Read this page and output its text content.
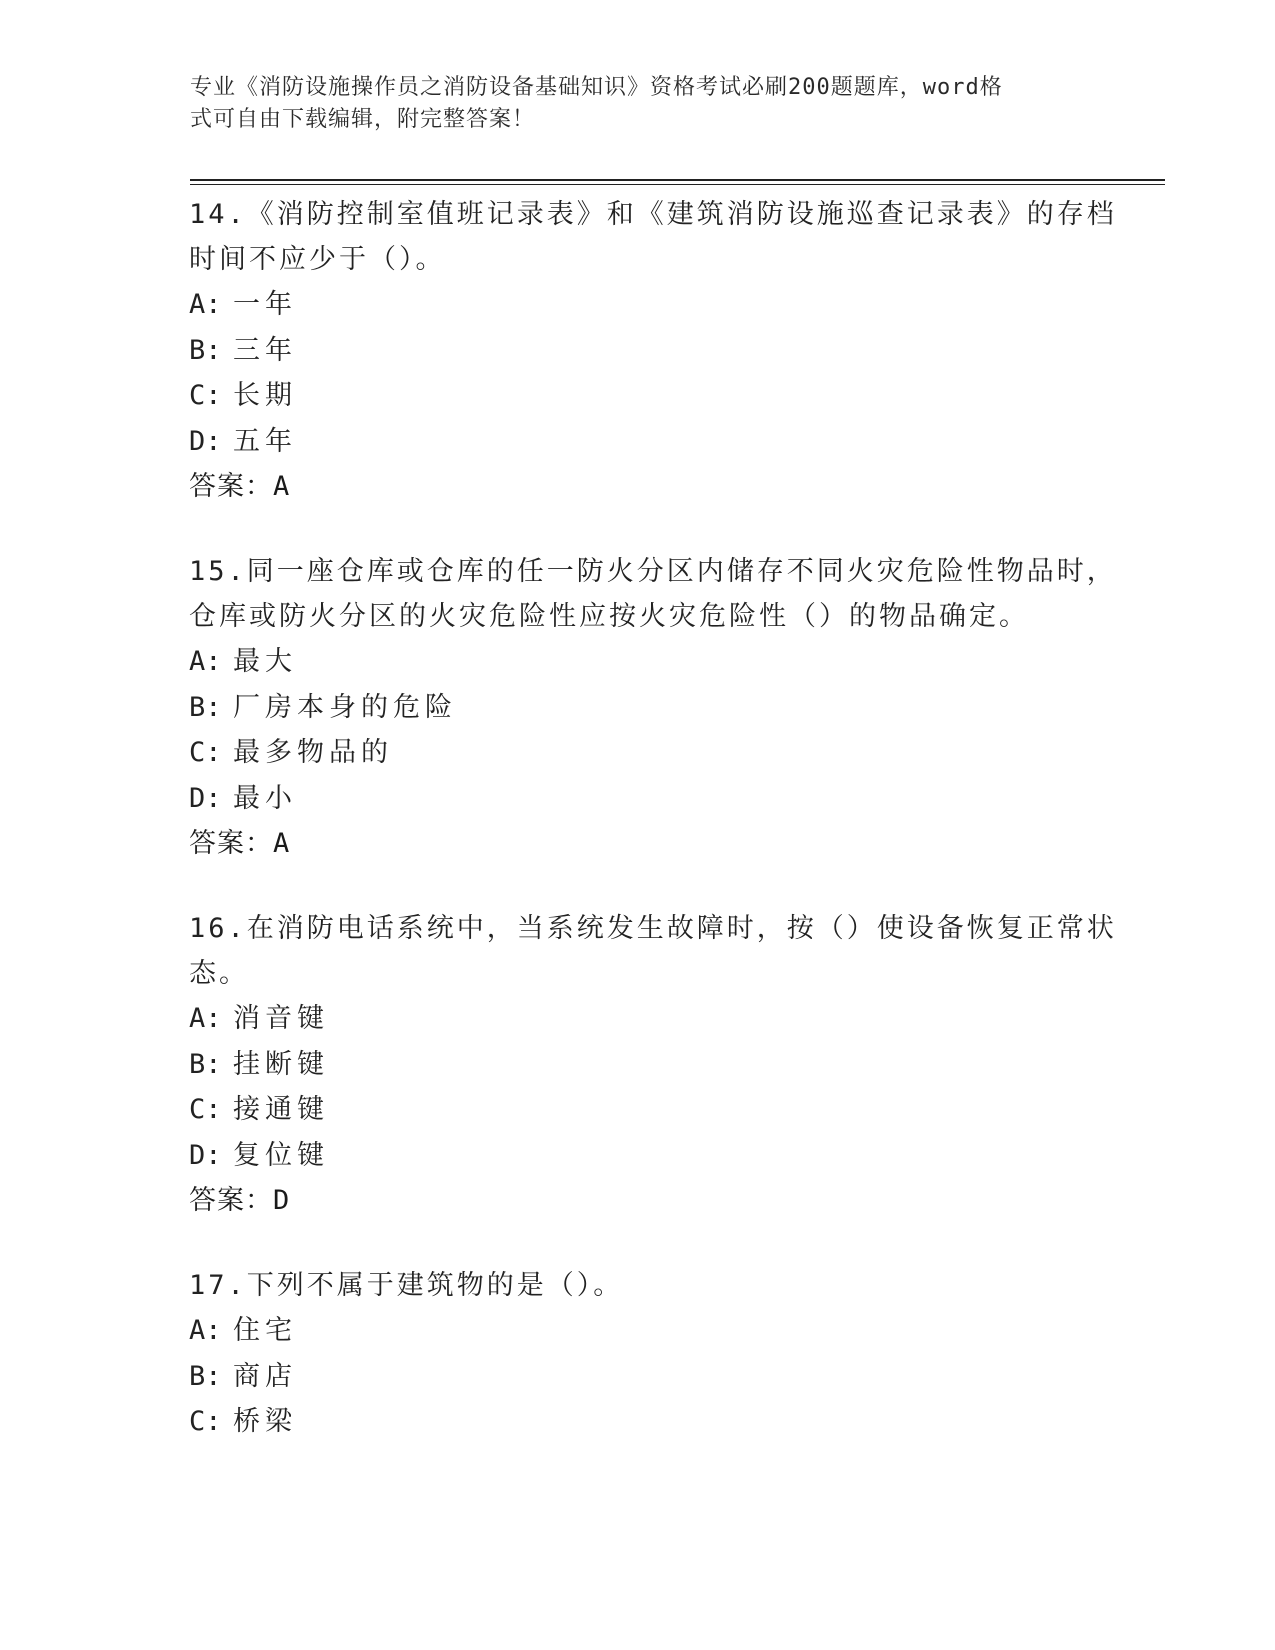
专业《消防设施操作员之消防设备基础知识》资格考试必刷200题题库，word格
式可自由下载编辑，附完整答案！
14.《消防控制室值班记录表》和《建筑消防设施巡查记录表》的存档
时间不应少于（）。
A: 一年
B: 三年
C: 长期
D: 五年
答案：A
15.同一座仓库或仓库的任一防火分区内储存不同火灾危险性物品时，
仓库或防火分区的火灾危险性应按火灾危险性（）的物品确定。
A: 最大
B: 厂房本身的危险
C: 最多物品的
D: 最小
答案：A
16.在消防电话系统中，当系统发生故障时，按（）使设备恢复正常状
态。
A: 消音键
B: 挂断键
C: 接通键
D: 复位键
答案：D
17.下列不属于建筑物的是（）。
A: 住宅
B: 商店
C: 桥梁
